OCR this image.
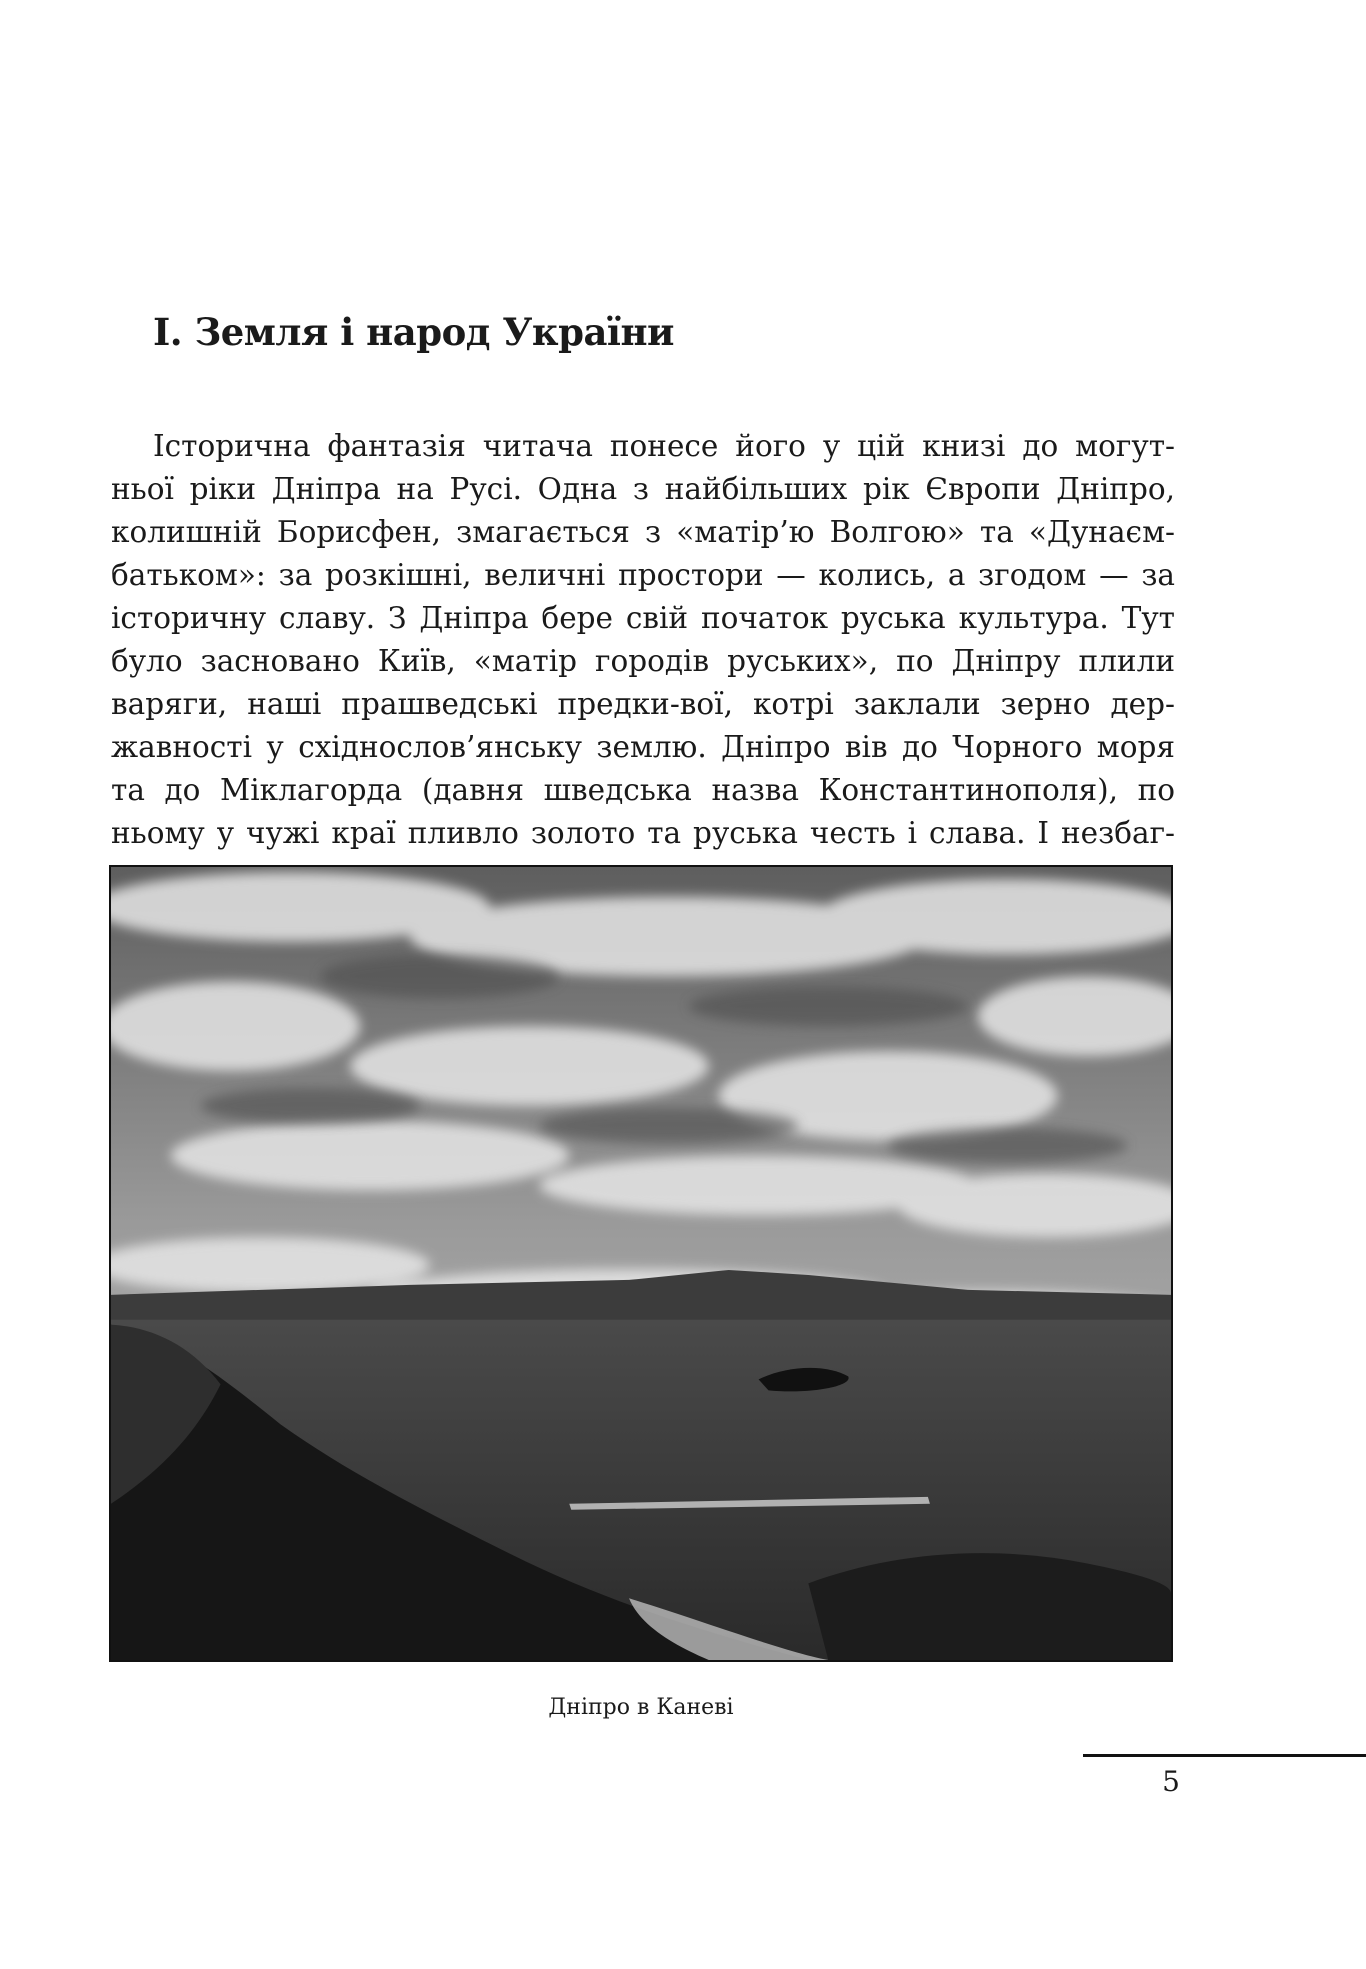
І. Земля і народ України
Історична фантазія читача понесе його у цій книзі до могут-
ньої ріки Дніпра на Русі. Одна з найбільших рік Європи Дніпро,
колишній Борисфен, змагається з «матір’ю Волгою» та «Дунаєм-
батьком»: за розкішні, величні простори — колись, а згодом — за
історичну славу. З Дніпра бере свій початок руська культура. Тут
було засновано Київ, «матір городів руських», по Дніпру плили
варяги, наші прашведські предки-вої, котрі заклали зерно дер-
жавності у східнослов’янську землю. Дніпро вів до Чорного моря
та до Міклагорда (давня шведська назва Константинополя), по
ньому у чужі краї пливло золото та руська честь і слава. І незбаг-
Дніпро в Каневі
5
